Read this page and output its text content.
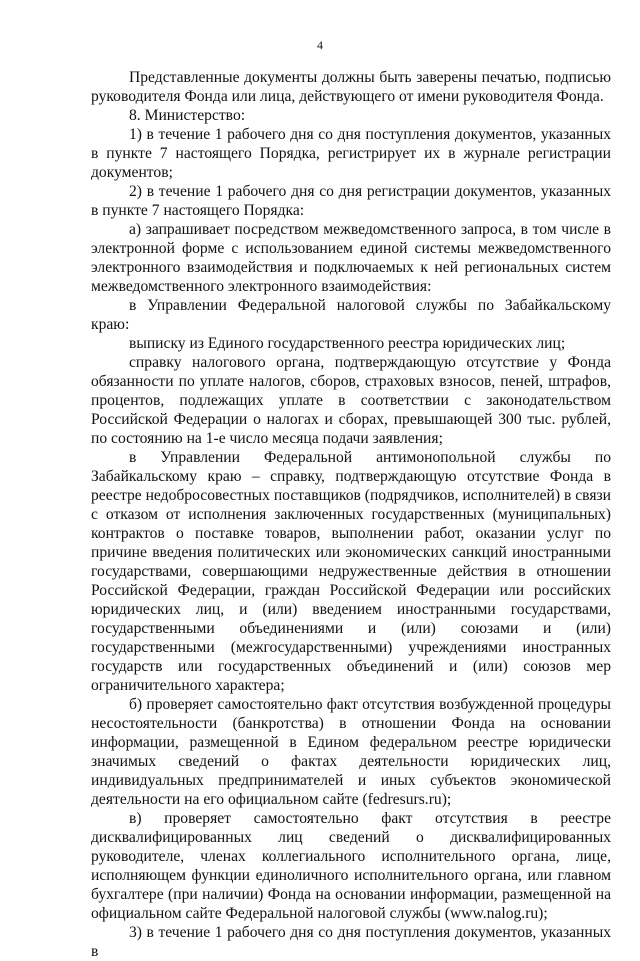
4

Представленные документы должны быть заверены печатью, подписью руководителя Фонда или лица, действующего от имени руководителя Фонда.

8. Министерство:

1) в течение 1 рабочего дня со дня поступления документов, указанных в пункте 7 настоящего Порядка, регистрирует их в журнале регистрации документов;

2) в течение 1 рабочего дня со дня регистрации документов, указанных в пункте 7 настоящего Порядка:

а) запрашивает посредством межведомственного запроса, в том числе в электронной форме с использованием единой системы межведомственного электронного взаимодействия и подключаемых к ней региональных систем межведомственного электронного взаимодействия:

в Управлении Федеральной налоговой службы по Забайкальскому краю:

выписку из Единого государственного реестра юридических лиц;

справку налогового органа, подтверждающую отсутствие у Фонда обязанности по уплате налогов, сборов, страховых взносов, пеней, штрафов, процентов, подлежащих уплате в соответствии с законодательством Российской Федерации о налогах и сборах, превышающей 300 тыс. рублей, по состоянию на 1-е число месяца подачи заявления;

в Управлении Федеральной антимонопольной службы по Забайкальскому краю – справку, подтверждающую отсутствие Фонда в реестре недобросовестных поставщиков (подрядчиков, исполнителей) в связи с отказом от исполнения заключенных государственных (муниципальных) контрактов о поставке товаров, выполнении работ, оказании услуг по причине введения политических или экономических санкций иностранными государствами, совершающими недружественные действия в отношении Российской Федерации, граждан Российской Федерации или российских юридических лиц, и (или) введением иностранными государствами, государственными объединениями и (или) союзами и (или) государственными (межгосударственными) учреждениями иностранных государств или государственных объединений и (или) союзов мер ограничительного характера;

б) проверяет самостоятельно факт отсутствия возбужденной процедуры несостоятельности (банкротства) в отношении Фонда на основании информации, размещенной в Едином федеральном реестре юридически значимых сведений о фактах деятельности юридических лиц, индивидуальных предпринимателей и иных субъектов экономической деятельности на его официальном сайте (fedresurs.ru);

в) проверяет самостоятельно факт отсутствия в реестре дисквалифицированных лиц сведений о дисквалифицированных руководителе, членах коллегиального исполнительного органа, лице, исполняющем функции единоличного исполнительного органа, или главном бухгалтере (при наличии) Фонда на основании информации, размещенной на официальном сайте Федеральной налоговой службы (www.nalog.ru);

3) в течение 1 рабочего дня со дня поступления документов, указанных в
